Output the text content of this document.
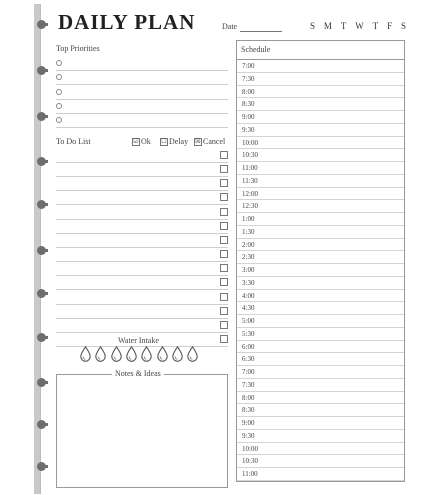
DAILY PLAN	Date	S M T W T F S
Top Priorities
To Do List	☑ Ok ☐ Delay ☒ Cancel
Water Intake
Notes & Ideas
Schedule
7:00
7:30
8:00
8:30
9:00
9:30
10:00
10:30
11:00
11:30
12:00
12:30
1:00
1:30
2:00
2:30
3:00
3:30
4:00
4:30
5:00
5:30
6:00
6:30
7:00
7:30
8:00
8:30
9:00
9:30
10:00
10:30
11:00
